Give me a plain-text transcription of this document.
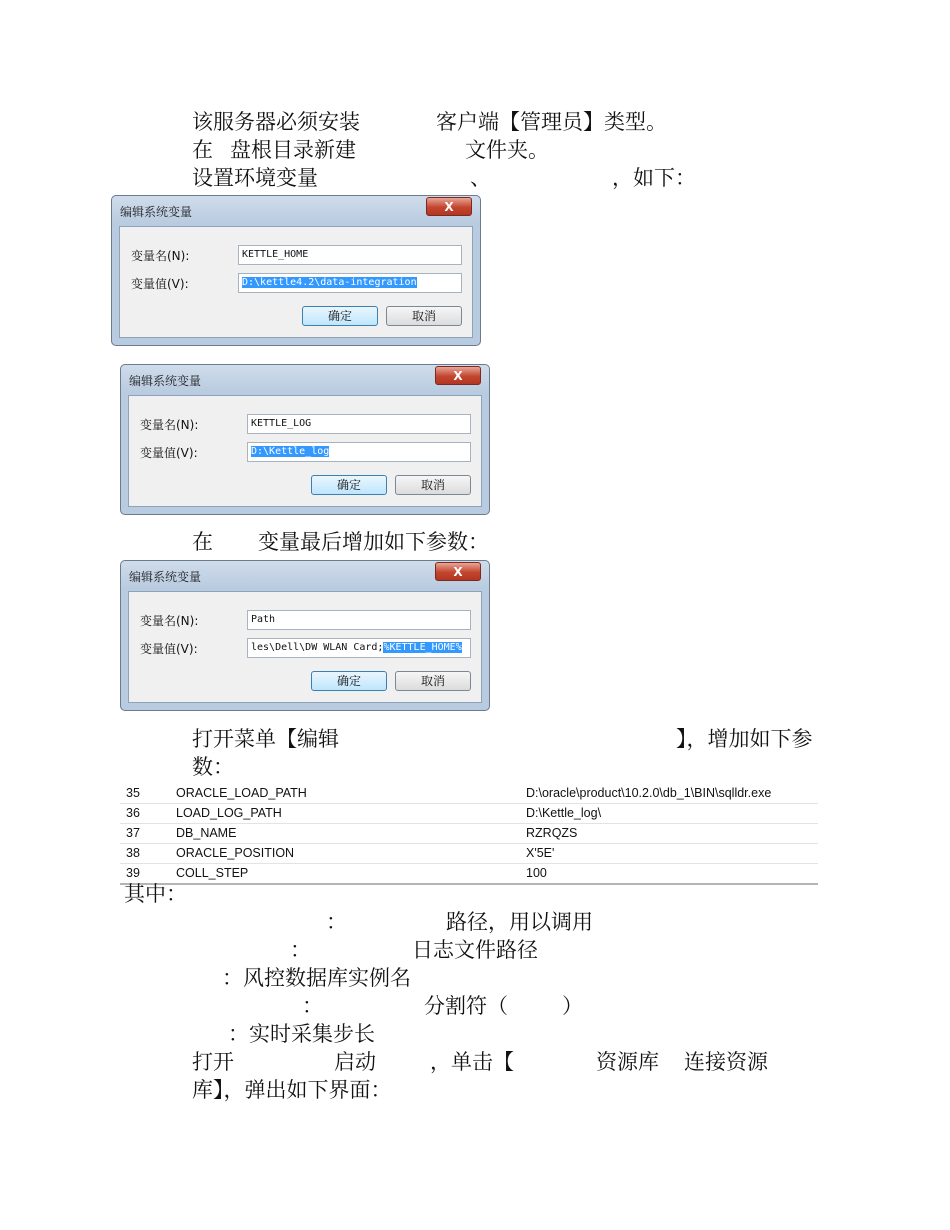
该服务器必须安装	客户端【管理员】类型。
在 盘根目录新建	文件夹。
设置环境变量	、	，如下：
编辑系统变量	X
变量名(N):	KETTLE_HOME
变量值(V):	D:\kettle4.2\data-integration
确定	取消
编辑系统变量	X
变量名(N):	KETTLE_LOG
变量值(V):	D:\Kettle_log
确定	取消
在 变量最后增加如下参数：
编辑系统变量	X
变量名(N):	Path
变量值(V):	les\Dell\DW WLAN Card;%KETTLE_HOME%
确定	取消
打开菜单【编辑	】，增加如下参
数：
35	ORACLE_LOAD_PATH	D:\oracle\product\10.2.0\db_1\BIN\sqlldr.exe
36	LOAD_LOG_PATH	D:\Kettle_log\
37	DB_NAME	RZRQZS
38	ORACLE_POSITION	X'5E'
39	COLL_STEP	100
其中：
：	路径，用以调用
：	日志文件路径
：风控数据库实例名
：	分割符（	）
：实时采集步长
打开	启动	，单击【	资源库 连接资源
库】，弹出如下界面：
